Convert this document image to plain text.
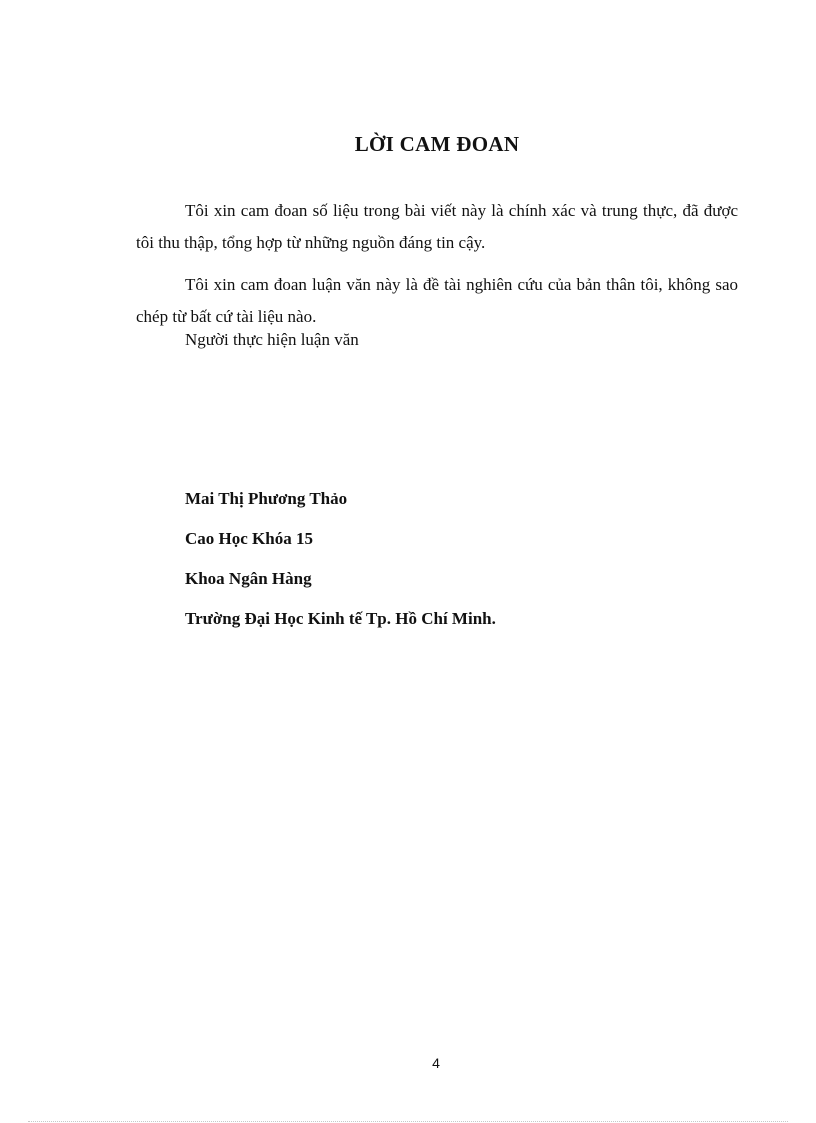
LỜI CAM ĐOAN

Tôi xin cam đoan số liệu trong bài viết này là chính xác và trung thực, đã được tôi thu thập, tổng hợp từ những nguồn đáng tin cậy.

Tôi xin cam đoan luận văn này là đề tài nghiên cứu của bản thân tôi, không sao chép từ bất cứ tài liệu nào.

Người thực hiện luận văn
Mai Thị Phương Thảo
Cao Học Khóa 15
Khoa Ngân Hàng
Trường Đại Học Kinh tế Tp. Hồ Chí Minh.
4
